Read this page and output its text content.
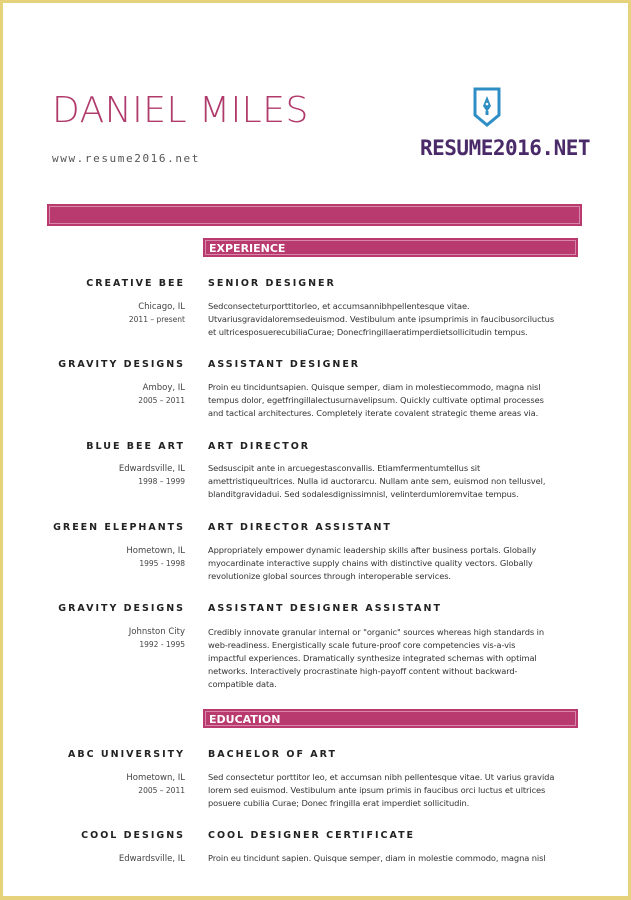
DANIEL MILES
www.resume2016.net	RESUME2016.NET
EXPERIENCE
CREATIVE BEE
Chicago, IL
2011 – present
SENIOR DESIGNER
Sedconsecteturporttitorleo, et accumsannibhpellentesque vitae.
Utvariusgravidaloremsedeuismod. Vestibulum ante ipsumprimis in faucibusorciluctus
et ultricesposuerecubiliaCurae; Donecfringillaeratimperdietsollicitudin tempus.
GRAVITY DESIGNS
Amboy, IL
2005 – 2011
ASSISTANT DESIGNER
Proin eu tinciduntsapien. Quisque semper, diam in molestiecommodo, magna nisl
tempus dolor, egetfringillalectusurnavelipsum. Quickly cultivate optimal processes
and tactical architectures. Completely iterate covalent strategic theme areas via.
BLUE BEE ART
Edwardsville, IL
1998 – 1999
ART DIRECTOR
Sedsuscipit ante in arcuegestasconvallis. Etiamfermentumtellus sit
amettristiqueultrices. Nulla id auctorarcu. Nullam ante sem, euismod non tellusvel,
blanditgravidadui. Sed sodalesdignissimnisl, velinterdumloremvitae tempus.
GREEN ELEPHANTS
Hometown, IL
1995 - 1998
ART DIRECTOR ASSISTANT
Appropriately empower dynamic leadership skills after business portals. Globally
myocardinate interactive supply chains with distinctive quality vectors. Globally
revolutionize global sources through interoperable services.
GRAVITY DESIGNS
Johnston City
1992 - 1995
ASSISTANT DESIGNER ASSISTANT
Credibly innovate granular internal or "organic" sources whereas high standards in
web-readiness. Energistically scale future-proof core competencies vis-a-vis
impactful experiences. Dramatically synthesize integrated schemas with optimal
networks. Interactively procrastinate high-payoff content without backward-
compatible data.
EDUCATION
ABC UNIVERSITY
Hometown, IL
2005 – 2011
BACHELOR OF ART
Sed consectetur porttitor leo, et accumsan nibh pellentesque vitae. Ut varius gravida
lorem sed euismod. Vestibulum ante ipsum primis in faucibus orci luctus et ultrices
posuere cubilia Curae; Donec fringilla erat imperdiet sollicitudin.
COOL DESIGNS
Edwardsville, IL
COOL DESIGNER CERTIFICATE
Proin eu tincidunt sapien. Quisque semper, diam in molestie commodo, magna nisl
